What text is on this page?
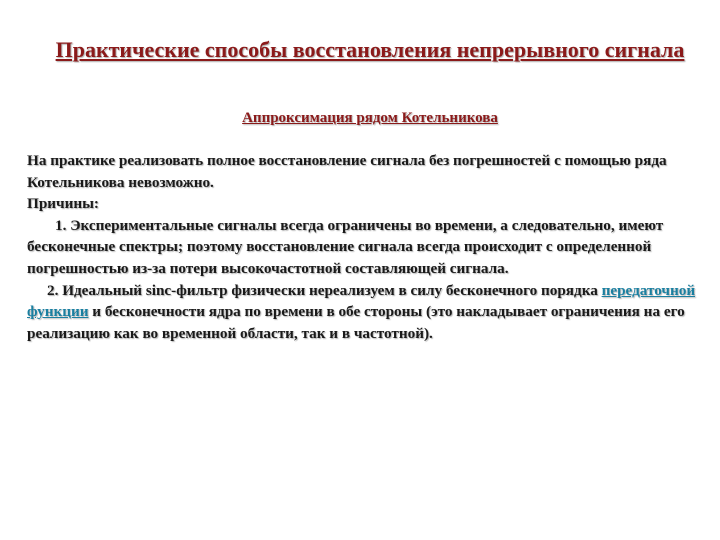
Практические способы восстановления непрерывного сигнала
Аппроксимация рядом Котельникова

На практике реализовать полное восстановление сигнала без погрешностей с помощью ряда Котельникова невозможно.

Причины:

1. Экспериментальные сигналы всегда ограничены во времени, а следовательно, имеют бесконечные спектры; поэтому восстановление сигнала всегда происходит с определенной погрешностью из-за потери высокочастотной составляющей сигнала.

2. Идеальный sinc-фильтр физически нереализуем в силу бесконечного порядка передаточной функции и бесконечности ядра по времени в обе стороны (это накладывает ограничения на его реализацию как во временной области, так и в частотной).
